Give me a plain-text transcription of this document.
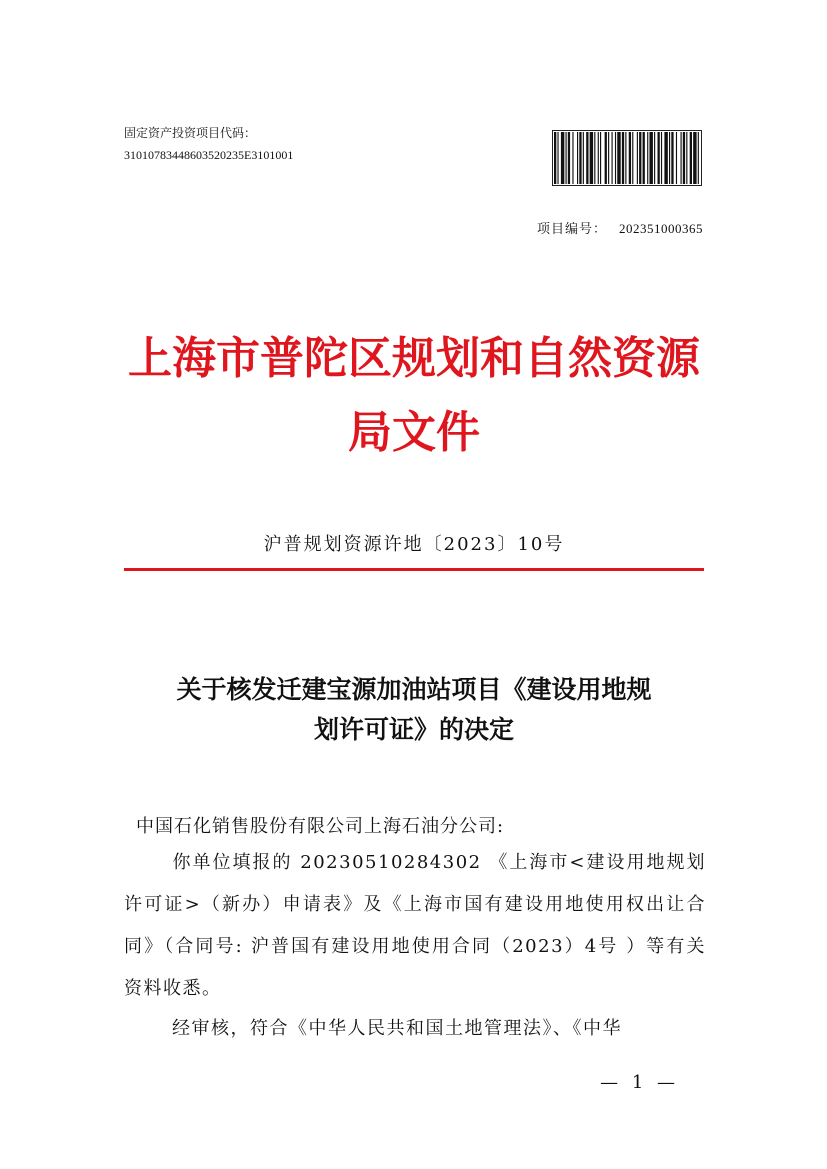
固定资产投资项目代码：
31010783448603520235E3101001
项目编号： 202351000365
上海市普陀区规划和自然资源
局文件
沪普规划资源许地〔2023〕10号
关于核发迁建宝源加油站项目《建设用地规
划许可证》的决定
中国石化销售股份有限公司上海石油分公司:
你单位填报的 20230510284302 《上海市<建设用地规划许可证>（新办）申请表》及《上海市国有建设用地使用权出让合同》（合同号: 沪普国有建设用地使用合同（2023）4号 ）等有关资料收悉。
经审核，符合《中华人民共和国土地管理法》、《中华
— 1 —
